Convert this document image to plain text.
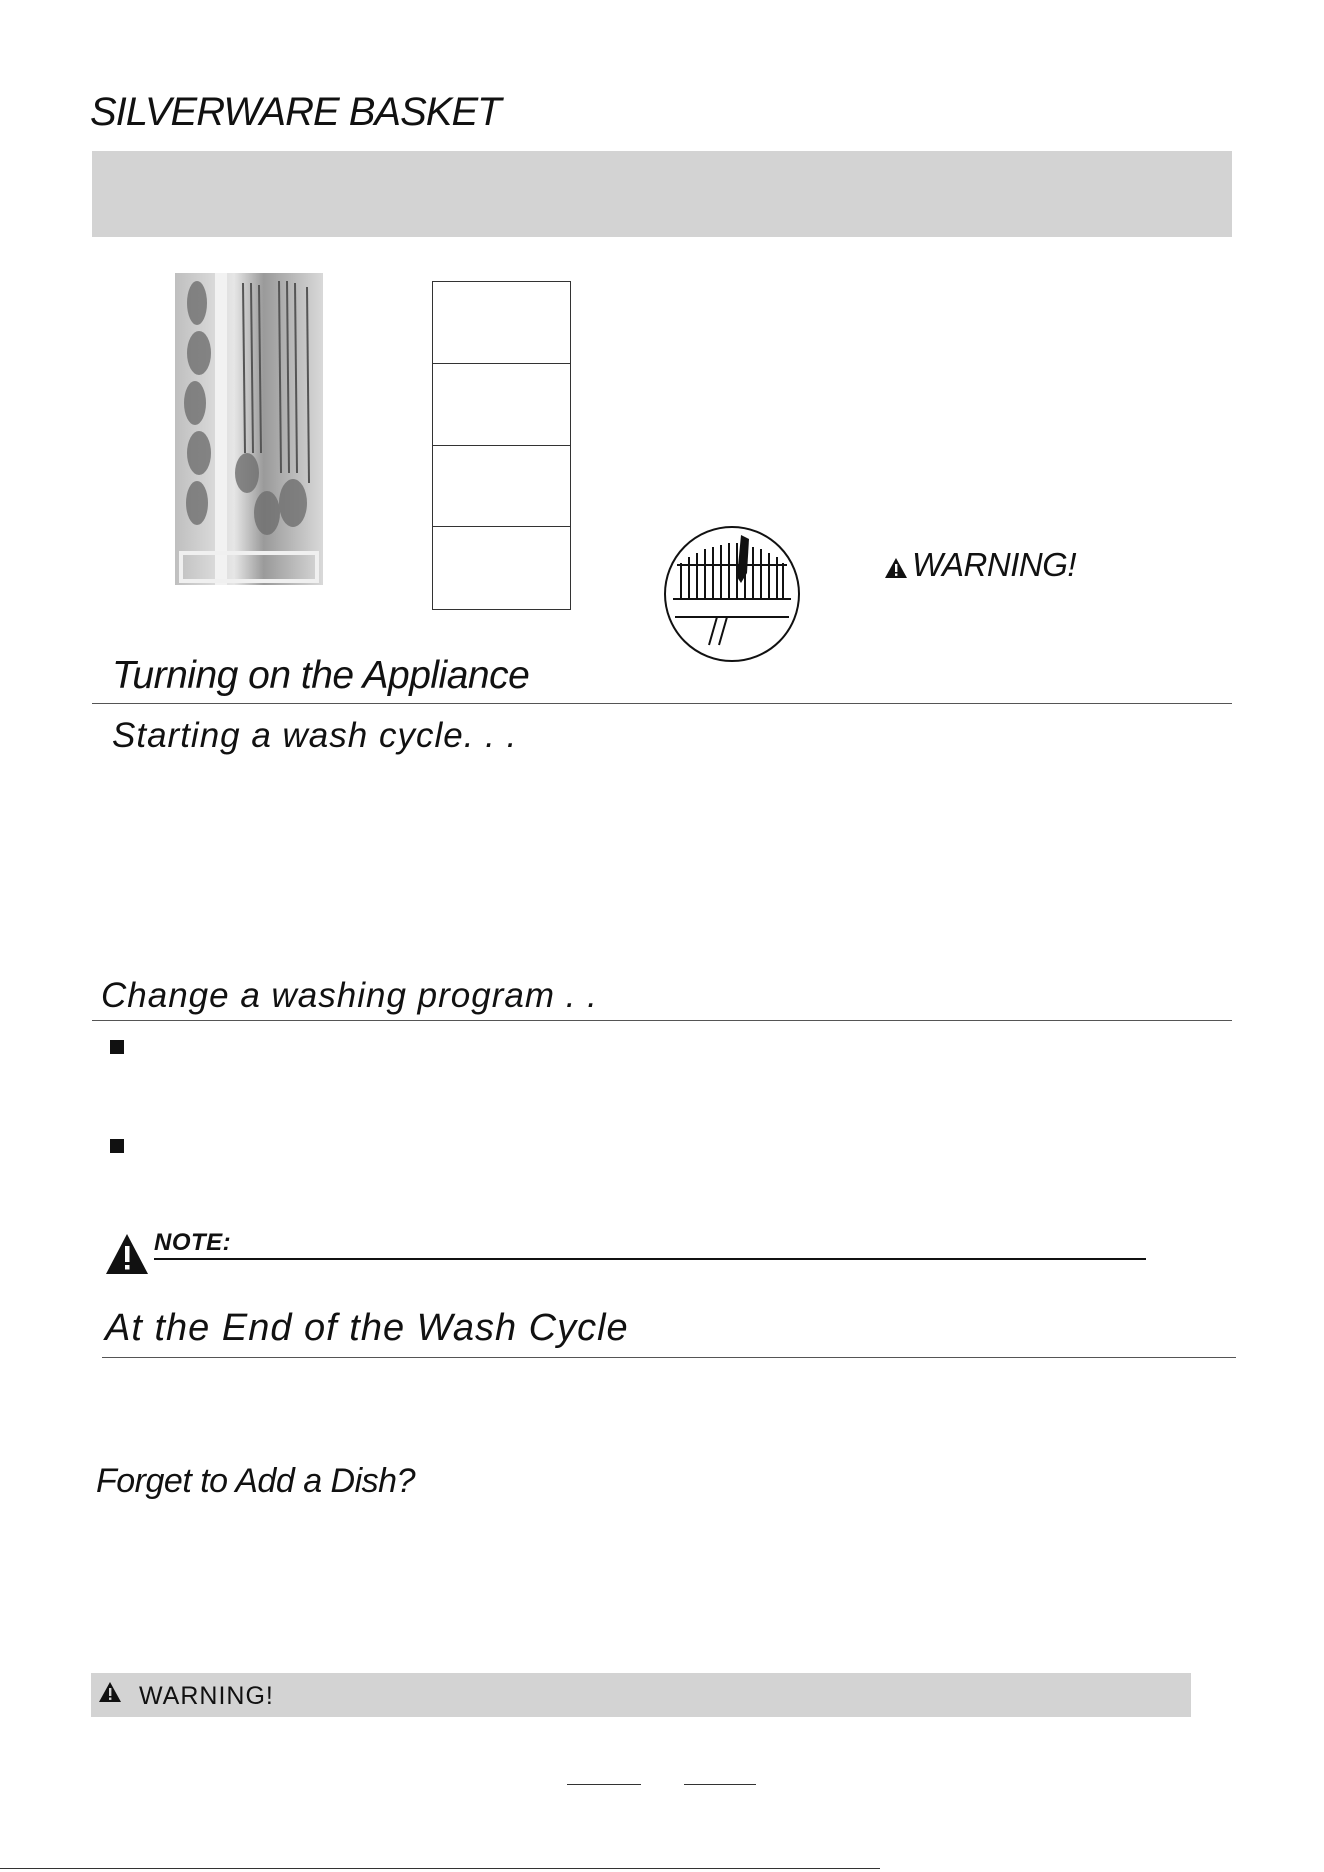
SILVERWARE BASKET
WARNING!
Turning on the Appliance
Starting a wash cycle. . .
Change a washing program . .
NOTE:
At the End of the Wash Cycle
Forget to Add a Dish?
WARNING!
